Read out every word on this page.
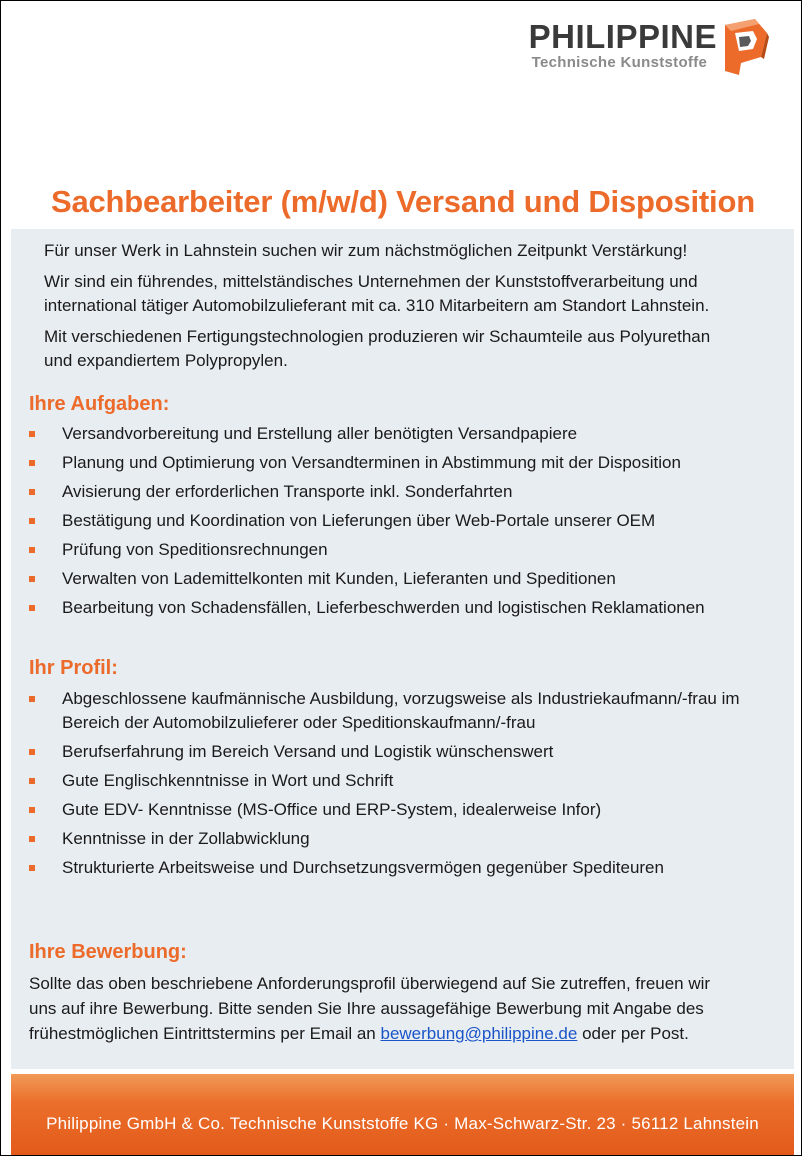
PHILIPPINE
Technische Kunststoffe
Sachbearbeiter (m/w/d) Versand und Disposition

Für unser Werk in Lahnstein suchen wir zum nächstmöglichen Zeitpunkt Verstärkung!

Wir sind ein führendes, mittelständisches Unternehmen der Kunststoffverarbeitung und
international tätiger Automobilzulieferant mit ca. 310 Mitarbeitern am Standort Lahnstein.

Mit verschiedenen Fertigungstechnologien produzieren wir Schaumteile aus Polyurethan
und expandiertem Polypropylen.

Ihre Aufgaben:
Versandvorbereitung und Erstellung aller benötigten Versandpapiere
Planung und Optimierung von Versandterminen in Abstimmung mit der Disposition
Avisierung der erforderlichen Transporte inkl. Sonderfahrten
Bestätigung und Koordination von Lieferungen über Web-Portale unserer OEM
Prüfung von Speditionsrechnungen
Verwalten von Lademittelkonten mit Kunden, Lieferanten und Speditionen
Bearbeitung von Schadensfällen, Lieferbeschwerden und logistischen Reklamationen
Ihr Profil:
Abgeschlossene kaufmännische Ausbildung, vorzugsweise als Industriekaufmann/-frau im
Bereich der Automobilzulieferer oder Speditionskaufmann/-frau
Berufserfahrung im Bereich Versand und Logistik wünschenswert
Gute Englischkenntnisse in Wort und Schrift
Gute EDV- Kenntnisse (MS-Office und ERP-System, idealerweise Infor)
Kenntnisse in der Zollabwicklung
Strukturierte Arbeitsweise und Durchsetzungsvermögen gegenüber Spediteuren
Ihre Bewerbung:
Sollte das oben beschriebene Anforderungsprofil überwiegend auf Sie zutreffen, freuen wir
uns auf ihre Bewerbung. Bitte senden Sie Ihre aussagefähige Bewerbung mit Angabe des
frühestmöglichen Eintrittstermins per Email an bewerbung@philippine.de oder per Post.
Philippine GmbH & Co. Technische Kunststoffe KG · Max-Schwarz-Str. 23 · 56112 Lahnstein
